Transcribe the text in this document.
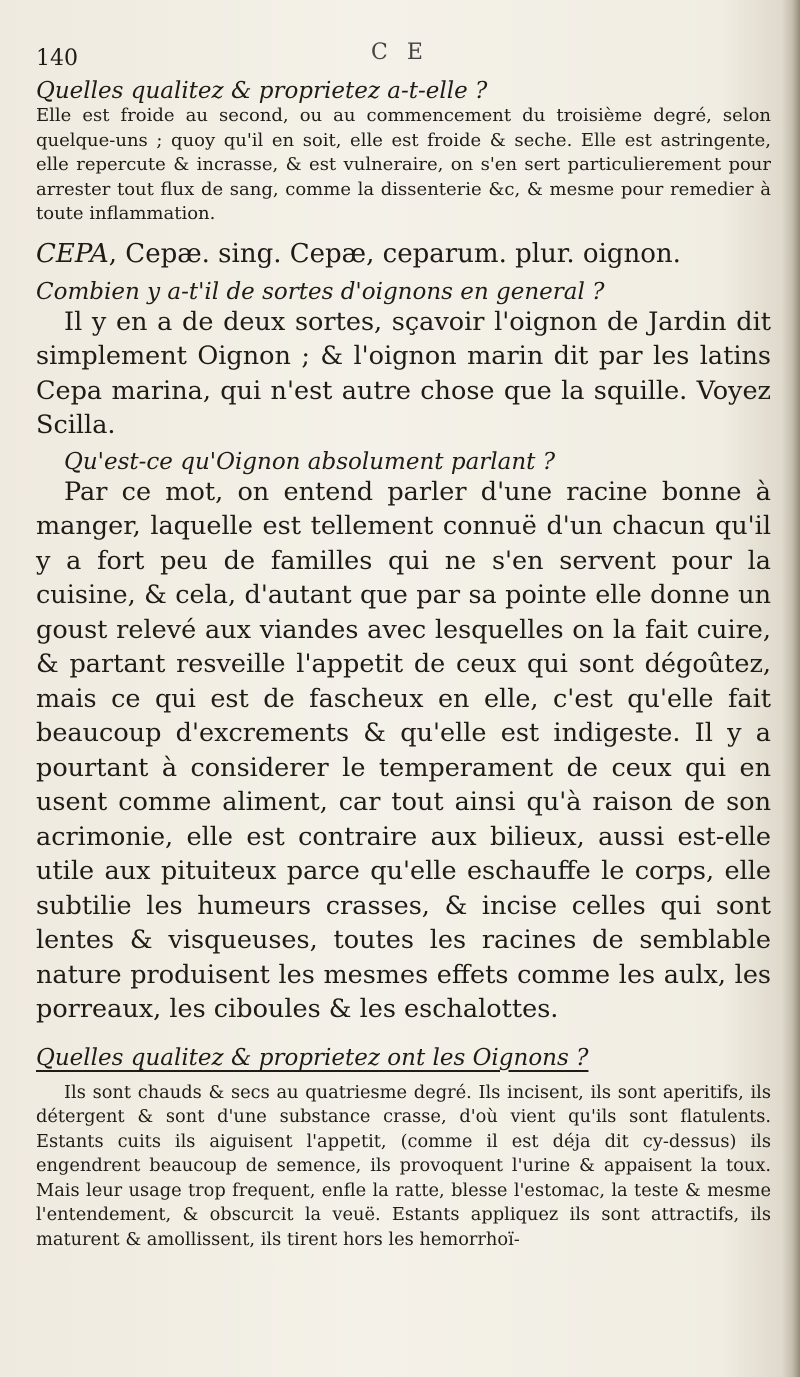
140	C E

Quelles qualitez & proprietez a-t-elle ?

Elle est froide au second, ou au commencement du troisième degré, selon quelque-uns ; quoy qu'il en soit, elle est froide & seche. Elle est astringente, elle repercute & incrasse, & est vulneraire, on s'en sert particulierement pour arrester tout flux de sang, comme la dissenterie &c, & mesme pour remedier à toute inflammation.

CEPA, Cepæ. sing. Cepæ, ceparum. plur. oignon.

Combien y a-t'il de sortes d'oignons en general ?

Il y en a de deux sortes, sçavoir l'oignon de Jardin dit simplement Oignon ; & l'oignon marin dit par les latins Cepa marina, qui n'est autre chose que la squille. Voyez Scilla.

Qu'est-ce qu'Oignon absolument parlant ?

Par ce mot, on entend parler d'une racine bonne à manger, laquelle est tellement connuë d'un chacun qu'il y a fort peu de familles qui ne s'en servent pour la cuisine, & cela, d'autant que par sa pointe elle donne un goust relevé aux viandes avec lesquelles on la fait cuire, & partant resveille l'appetit de ceux qui sont dégoûtez, mais ce qui est de fascheux en elle, c'est qu'elle fait beaucoup d'excrements & qu'elle est indigeste. Il y a pourtant à considerer le temperament de ceux qui en usent comme aliment, car tout ainsi qu'à raison de son acrimonie, elle est contraire aux bilieux, aussi est-elle utile aux pituiteux parce qu'elle eschauffe le corps, elle subtilie les humeurs crasses, & incise celles qui sont lentes & visqueuses, toutes les racines de semblable nature produisent les mesmes effets comme les aulx, les porreaux, les ciboules & les eschalottes.

Quelles qualitez & proprietez ont les Oignons ?

Ils sont chauds & secs au quatriesme degré. Ils incisent, ils sont aperitifs, ils détergent & sont d'une substance crasse, d'où vient qu'ils sont flatulents. Estants cuits ils aiguisent l'appetit, (comme il est déja dit cy-dessus) ils engendrent beaucoup de semence, ils provoquent l'urine & appaisent la toux. Mais leur usage trop frequent, enfle la ratte, blesse l'estomac, la teste & mesme l'entendement, & obscurcit la veuë. Estants appliquez ils sont attractifs, ils maturent & amollissent, ils tirent hors les hemorrhoï-
